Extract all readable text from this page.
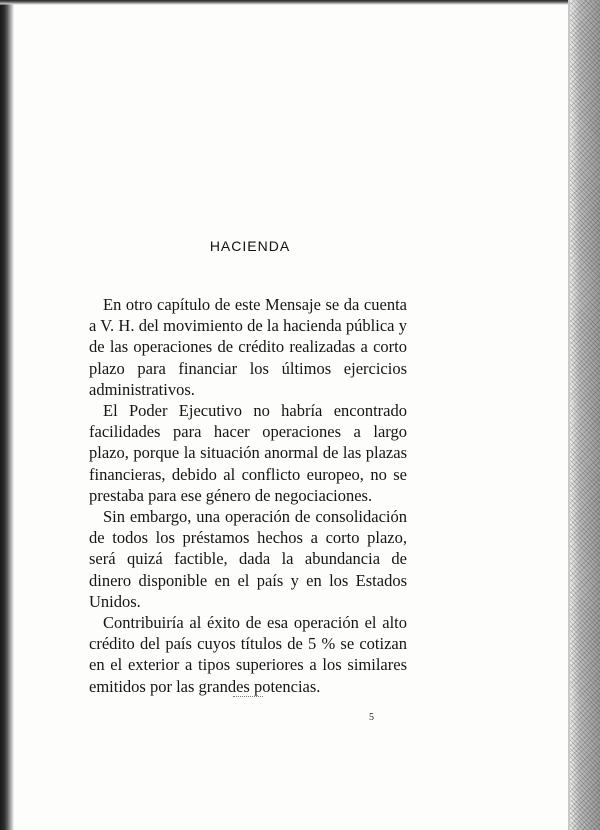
HACIENDA

En otro capítulo de este Mensaje se da cuenta a V. H. del movimiento de la hacienda pública y de las operaciones de crédito realizadas a corto plazo para financiar los últimos ejercicios administrativos.

El Poder Ejecutivo no habría encontrado facilidades para hacer operaciones a largo plazo, porque la situación anormal de las plazas financieras, debido al conflicto europeo, no se prestaba para ese género de negociaciones.

Sin embargo, una operación de consolidación de todos los préstamos hechos a corto plazo, será quizá factible, dada la abundancia de dinero disponible en el país y en los Estados Unidos.

Contribuiría al éxito de esa operación el alto crédito del país cuyos títulos de 5 % se cotizan en el exterior a tipos superiores a los similares emitidos por las grandes potencias.

5
